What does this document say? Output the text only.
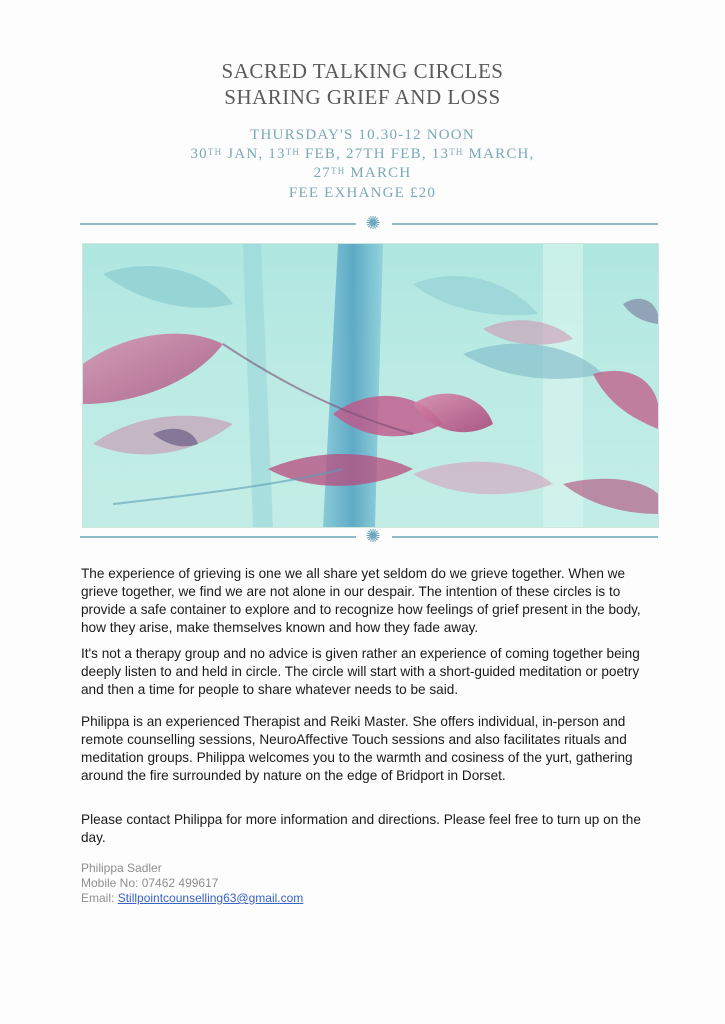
SACRED TALKING CIRCLES
SHARING GRIEF AND LOSS
THURSDAY'S 10.30-12 NOON
30TH JAN, 13TH FEB, 27TH FEB, 13TH MARCH,
27TH MARCH
FEE EXHANGE £20
✺
✺
The experience of grieving is one we all share yet seldom do we grieve together. When we grieve together, we find we are not alone in our despair. The intention of these circles is to provide a safe container to explore and to recognize how feelings of grief present in the body, how they arise, make themselves known and how they fade away.
It's not a therapy group and no advice is given rather an experience of coming together being deeply listen to and held in circle. The circle will start with a short-guided meditation or poetry and then a time for people to share whatever needs to be said.
Philippa is an experienced Therapist and Reiki Master. She offers individual, in-person and remote counselling sessions, NeuroAffective Touch sessions and also facilitates rituals and meditation groups. Philippa welcomes you to the warmth and cosiness of the yurt, gathering around the fire surrounded by nature on the edge of Bridport in Dorset.
Please contact Philippa for more information and directions. Please feel free to turn up on the day.
Philippa Sadler
Mobile No: 07462 499617
Email: Stillpointcounselling63@gmail.com
